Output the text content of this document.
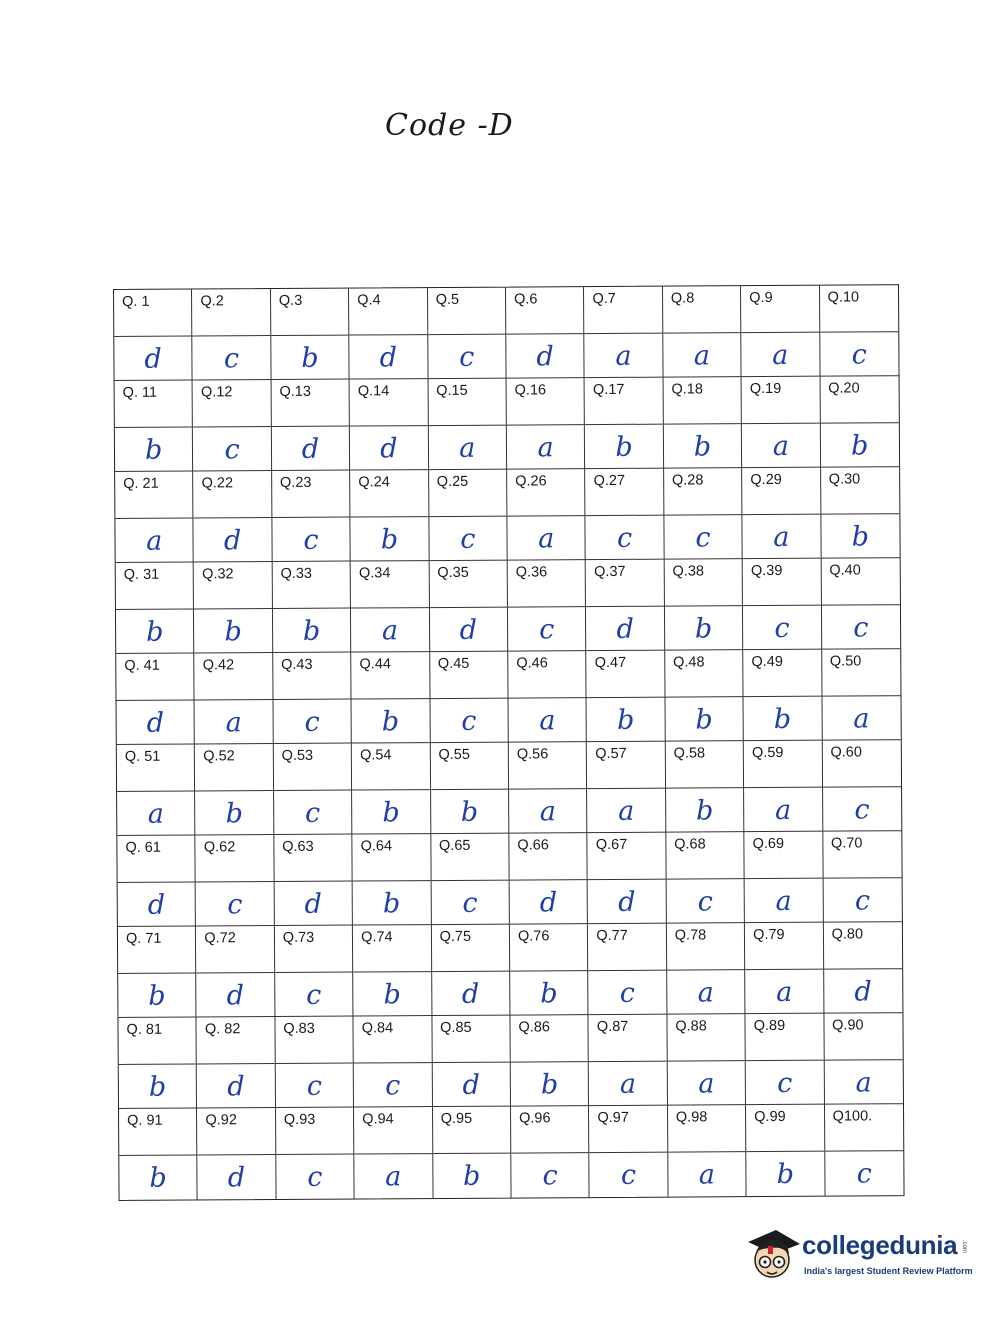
Code -D
Q. 1
d
Q.2
c
Q.3
b
Q.4
d
Q.5
c
Q.6
d
Q.7
a
Q.8
a
Q.9
a
Q.10
c
Q. 11
b
Q.12
c
Q.13
d
Q.14
d
Q.15
a
Q.16
a
Q.17
b
Q.18
b
Q.19
a
Q.20
b
Q. 21
a
Q.22
d
Q.23
c
Q.24
b
Q.25
c
Q.26
a
Q.27
c
Q.28
c
Q.29
a
Q.30
b
Q. 31
b
Q.32
b
Q.33
b
Q.34
a
Q.35
d
Q.36
c
Q.37
d
Q.38
b
Q.39
c
Q.40
c
Q. 41
d
Q.42
a
Q.43
c
Q.44
b
Q.45
c
Q.46
a
Q.47
b
Q.48
b
Q.49
b
Q.50
a
Q. 51
a
Q.52
b
Q.53
c
Q.54
b
Q.55
b
Q.56
a
Q.57
a
Q.58
b
Q.59
a
Q.60
c
Q. 61
d
Q.62
c
Q.63
d
Q.64
b
Q.65
c
Q.66
d
Q.67
d
Q.68
c
Q.69
a
Q.70
c
Q. 71
b
Q.72
d
Q.73
c
Q.74
b
Q.75
d
Q.76
b
Q.77
c
Q.78
a
Q.79
a
Q.80
d
Q. 81
b
Q. 82
d
Q.83
c
Q.84
c
Q.85
d
Q.86
b
Q.87
a
Q.88
a
Q.89
c
Q.90
a
Q. 91
b
Q.92
d
Q.93
c
Q.94
a
Q.95
b
Q.96
c
Q.97
c
Q.98
a
Q.99
b
Q100.
c
collegedunia .com
India's largest Student Review Platform
